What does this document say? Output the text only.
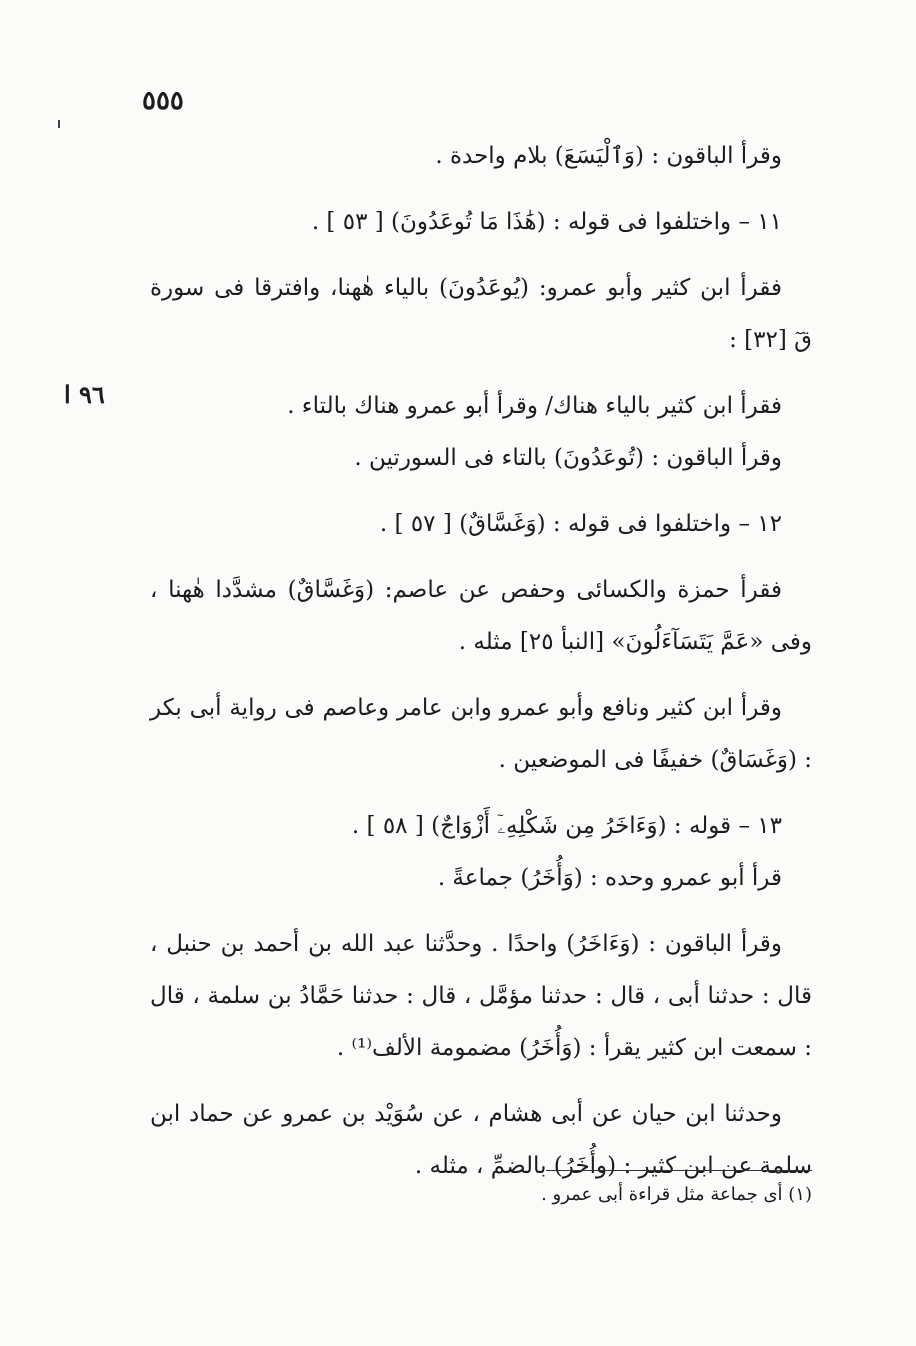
٥٥٥
٩٦ ا

وقرأ الباقون : (وَٱلْيَسَعَ) بلام واحدة .

١١ – واختلفوا فى قوله : (هَٰذَا مَا تُوعَدُونَ) [ ٥٣ ] .

فقرأ ابن كثير وأبو عمرو: (يُوعَدُونَ) بالياء هٰهنا، وافترقا فى سورة قٓ [٣٢] :

فقرأ ابن كثير بالياء هناك/ وقرأ أبو عمرو هناك بالتاء .

وقرأ الباقون : (تُوعَدُونَ) بالتاء فى السورتين .

١٢ – واختلفوا فى قوله : (وَغَسَّاقٌ) [ ٥٧ ] .

فقرأ حمزة والكسائى وحفص عن عاصم: (وَغَسَّاقٌ) مشدَّدا هٰهنا ، وفى «عَمَّ يَتَسَآءَلُونَ» [النبأ ٢٥] مثله .

وقرأ ابن كثير ونافع وأبو عمرو وابن عامر وعاصم فى رواية أبى بكر : (وَغَسَاقٌ) خفيفًا فى الموضعين .

١٣ – قوله : (وَءَاخَرُ مِن شَكْلِهِۦٓ أَزْوَاجٌ) [ ٥٨ ] .

قرأ أبو عمرو وحده : (وَأُخَرُ) جماعةً .

وقرأ الباقون : (وَءَاخَرُ) واحدًا . وحدَّثنا عبد الله بن أحمد بن حنبل ، قال : حدثنا أبى ، قال : حدثنا مؤمَّل ، قال : حدثنا حَمَّادُ بن سلمة ، قال : سمعت ابن كثير يقرأ : (وَأُخَرُ) مضمومة الألف⁽¹⁾ .

وحدثنا ابن حيان عن أبى هشام ، عن سُوَيْد بن عمرو عن حماد ابن سلمة عن ابن كثير : (وأُخَرُ) بالضمِّ ، مثله .

(١) أى جماعة مثل قراءة أبى عمرو .
